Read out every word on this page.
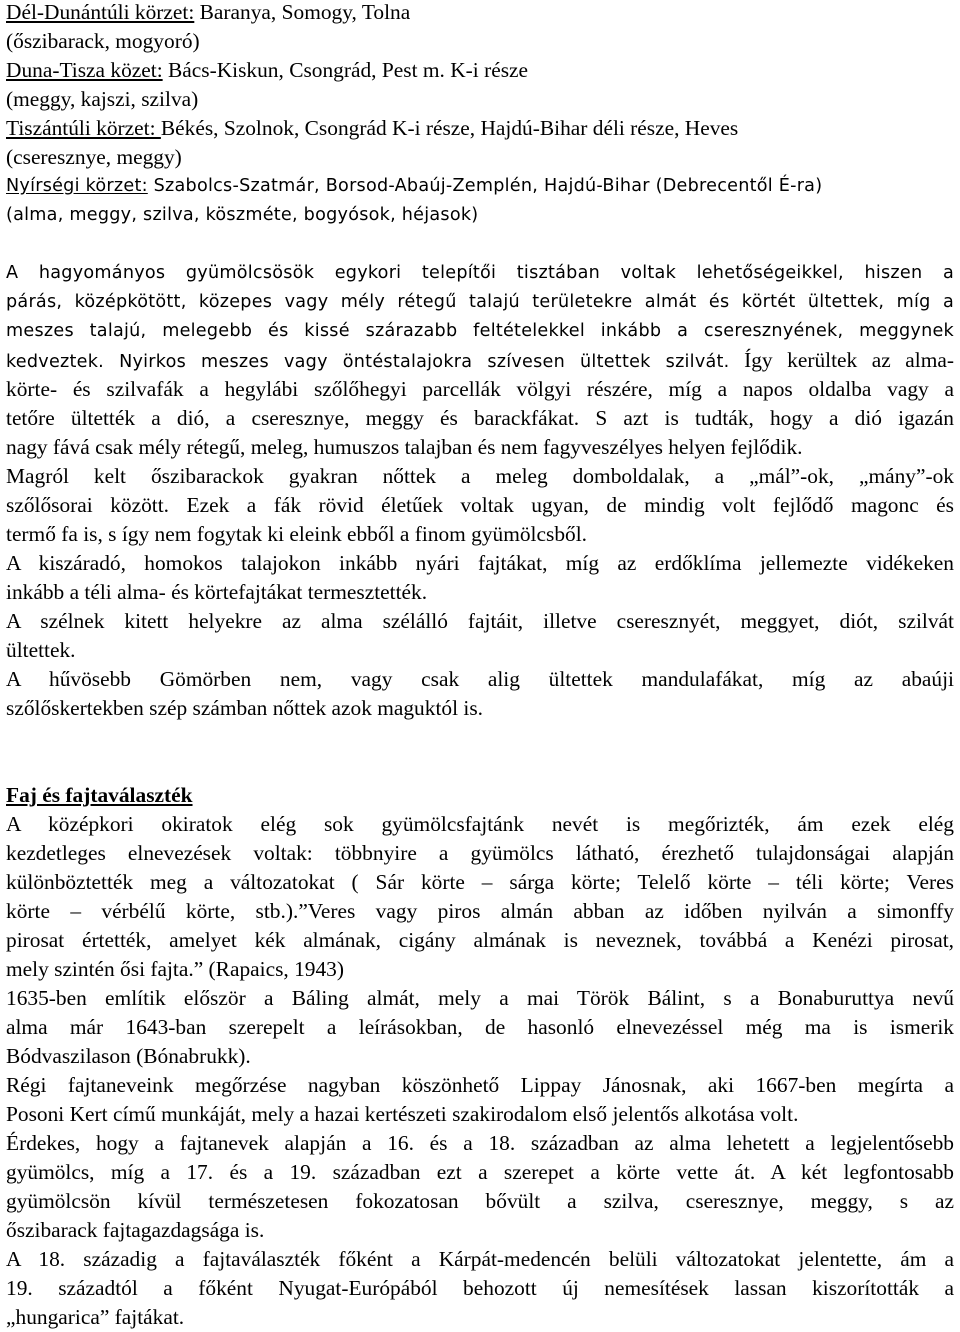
Dél-Dunántúli körzet: Baranya, Somogy, Tolna
(őszibarack, mogyoró)
Duna-Tisza közet: Bács-Kiskun, Csongrád, Pest m. K-i része
(meggy, kajszi, szilva)
Tiszántúli körzet: Békés, Szolnok, Csongrád K-i része, Hajdú-Bihar déli része, Heves
(cseresznye, meggy)
Nyírségi körzet: Szabolcs-Szatmár, Borsod-Abaúj-Zemplén, Hajdú-Bihar (Debrecentől É-ra)
(alma, meggy, szilva, köszméte, bogyósok, héjasok)
A hagyományos gyümölcsösök egykori telepítői tisztában voltak lehetőségeikkel, hiszen a
párás, középkötött, közepes vagy mély rétegű talajú területekre almát és körtét ültettek, míg a
meszes talajú, melegebb és kissé szárazabb feltételekkel inkább a cseresznyének, meggynek
kedveztek. Nyirkos meszes vagy öntéstalajokra szívesen ültettek szilvát. Így kerültek az alma-
körte- és szilvafák a hegylábi szőlőhegyi parcellák völgyi részére, míg a napos oldalba vagy a
tetőre ültették a dió, a cseresznye, meggy és barackfákat. S azt is tudták, hogy a dió igazán
nagy fává csak mély rétegű, meleg, humuszos talajban és nem fagyveszélyes helyen fejlődik.
Magról kelt őszibarackok gyakran nőttek a meleg domboldalak, a „mál”-ok, „mány”-ok
szőlősorai között. Ezek a fák rövid életűek voltak ugyan, de mindig volt fejlődő magonc és
termő fa is, s így nem fogytak ki eleink ebből a finom gyümölcsből.
A kiszáradó, homokos talajokon inkább nyári fajtákat, míg az erdőklíma jellemezte vidékeken
inkább a téli alma- és körtefajtákat termesztették.
A szélnek kitett helyekre az alma szélálló fajtáit, illetve cseresznyét, meggyet, diót, szilvát
ültettek.
A hűvösebb Gömörben nem, vagy csak alig ültettek mandulafákat, míg az abaúji
szőlőskertekben szép számban nőttek azok maguktól is.
Faj és fajtaválaszték
A középkori okiratok elég sok gyümölcsfajtánk nevét is megőrizték, ám ezek elég
kezdetleges elnevezések voltak: többnyire a gyümölcs látható, érezhető tulajdonságai alapján
különböztették meg a változatokat ( Sár körte – sárga körte; Telelő körte – téli körte; Veres
körte – vérbélű körte, stb.).”Veres vagy piros almán abban az időben nyilván a simonffy
pirosat értették, amelyet kék almának, cigány almának is neveznek, továbbá a Kenézi pirosat,
mely szintén ősi fajta.” (Rapaics, 1943)
1635-ben említik először a Báling almát, mely a mai Török Bálint, s a Bonaburuttya nevű
alma már 1643-ban szerepelt a leírásokban, de hasonló elnevezéssel még ma is ismerik
Bódvaszilason (Bónabrukk).
Régi fajtaneveink megőrzése nagyban köszönhető Lippay Jánosnak, aki 1667-ben megírta a
Posoni Kert című munkáját, mely a hazai kertészeti szakirodalom első jelentős alkotása volt.
Érdekes, hogy a fajtanevek alapján a 16. és a 18. században az alma lehetett a legjelentősebb
gyümölcs, míg a 17. és a 19. században ezt a szerepet a körte vette át. A két legfontosabb
gyümölcsön kívül természetesen fokozatosan bővült a szilva, cseresznye, meggy, s az
őszibarack fajtagazdagsága is.
A 18. századig a fajtaválaszték főként a Kárpát-medencén belüli változatokat jelentette, ám a
19. századtól a főként Nyugat-Európából behozott új nemesítések lassan kiszorították a
„hungarica” fajtákat.
